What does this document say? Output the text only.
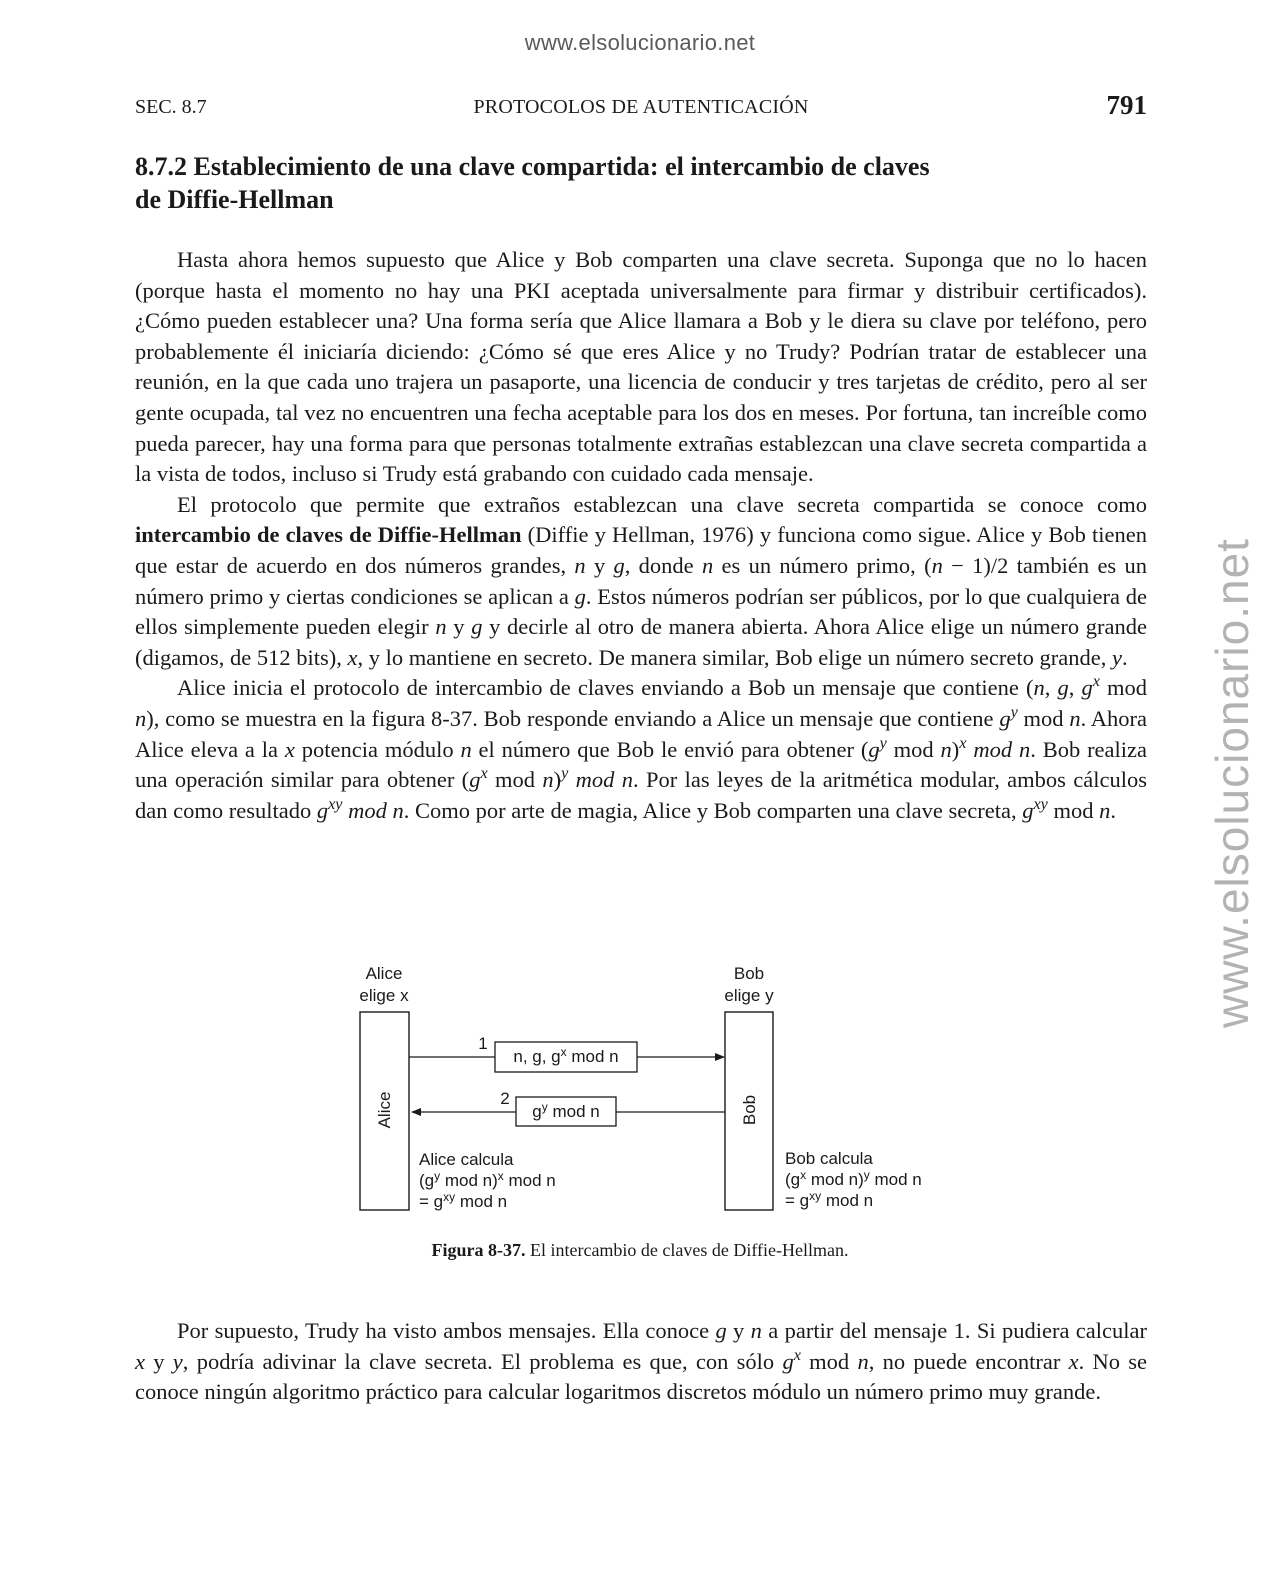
www.elsolucionario.net
www.elsolucionario.net
SEC. 8.7	PROTOCOLOS DE AUTENTICACIÓN	791
8.7.2 Establecimiento de una clave compartida: el intercambio de claves
de Diffie-Hellman

Hasta ahora hemos supuesto que Alice y Bob comparten una clave secreta. Suponga que no lo hacen (porque hasta el momento no hay una PKI aceptada universalmente para firmar y distribuir certificados). ¿Cómo pueden establecer una? Una forma sería que Alice llamara a Bob y le diera su clave por teléfono, pero probablemente él iniciaría diciendo: ¿Cómo sé que eres Alice y no Trudy? Podrían tratar de establecer una reunión, en la que cada uno trajera un pasaporte, una licencia de conducir y tres tarjetas de crédito, pero al ser gente ocupada, tal vez no encuentren una fecha aceptable para los dos en meses. Por fortuna, tan increíble como pueda parecer, hay una forma para que personas totalmente extrañas establezcan una clave secreta compartida a la vista de todos, incluso si Trudy está grabando con cuidado cada mensaje.

El protocolo que permite que extraños establezcan una clave secreta compartida se conoce como intercambio de claves de Diffie-Hellman (Diffie y Hellman, 1976) y funciona como sigue. Alice y Bob tienen que estar de acuerdo en dos números grandes, n y g, donde n es un número primo, (n − 1)/2 también es un número primo y ciertas condiciones se aplican a g. Estos números podrían ser públicos, por lo que cualquiera de ellos simplemente pueden elegir n y g y decirle al otro de manera abierta. Ahora Alice elige un número grande (digamos, de 512 bits), x, y lo mantiene en secreto. De manera similar, Bob elige un número secreto grande, y.

Alice inicia el protocolo de intercambio de claves enviando a Bob un mensaje que contiene (n, g, $g^x$ mod n), como se muestra en la figura 8-37. Bob responde enviando a Alice un mensaje que contiene $g^y$ mod n. Ahora Alice eleva a la x potencia módulo n el número que Bob le envió para obtener ($g^y$ mod n)$^x$ mod n. Bob realiza una operación similar para obtener ($g^x$ mod n)$^y$ mod n. Por las leyes de la aritmética modular, ambos cálculos dan como resultado $g^{xy}$ mod n. Como por arte de magia, Alice y Bob comparten una clave secreta, $g^{xy}$ mod n.

Alice
elige x
Bob
elige y
Alice	Bob
1
n, g, $g^x$ mod n
2
$g^y$ mod n
Alice calcula
($g^y$ mod n)$^x$ mod n
= $g^{xy}$ mod n
Bob calcula
($g^x$ mod n)$^y$ mod n
= $g^{xy}$ mod n
Figura 8-37. El intercambio de claves de Diffie-Hellman.

Por supuesto, Trudy ha visto ambos mensajes. Ella conoce g y n a partir del mensaje 1. Si pudiera calcular x y y, podría adivinar la clave secreta. El problema es que, con sólo $g^x$ mod n, no puede encontrar x. No se conoce ningún algoritmo práctico para calcular logaritmos discretos módulo un número primo muy grande.
